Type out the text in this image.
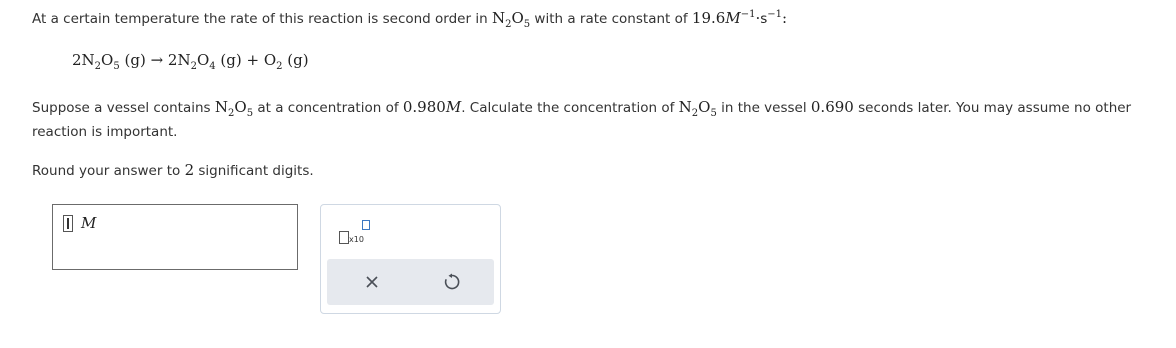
At a certain temperature the rate of this reaction is second order in $N_2O_5$ with a rate constant of $19.6M^{-1}\cdot s^{-1}$:
$2N_2O_5$ $(g) \to 2N_2O_4$ $(g) + O_2$ (g)
Suppose a vessel contains $N_2O_5$ at a concentration of 0.980M. Calculate the concentration of $N_2O_5$ in the vessel 0.690 seconds later. You may assume no other
reaction is important.
Round your answer to 2 significant digits.
M
x10
